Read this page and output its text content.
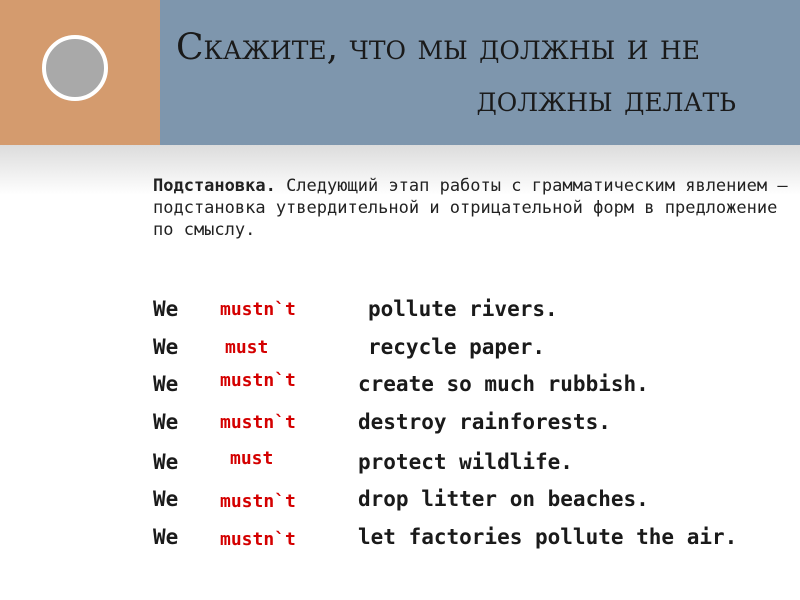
Скажите, что мы должны и не
должны делать
Подстановка. Следующий этап работы с грамматическим явлением – подстановка утвердительной и отрицательной форм в предложение по смыслу.
We mustn`t	pollute rivers.
We	must	recycle paper.
We mustn`t	create so much rubbish.
We mustn`t	destroy rainforests.
We	must	protect wildlife.
We mustn`t	drop litter on beaches.
We mustn`t	let factories pollute the air.
